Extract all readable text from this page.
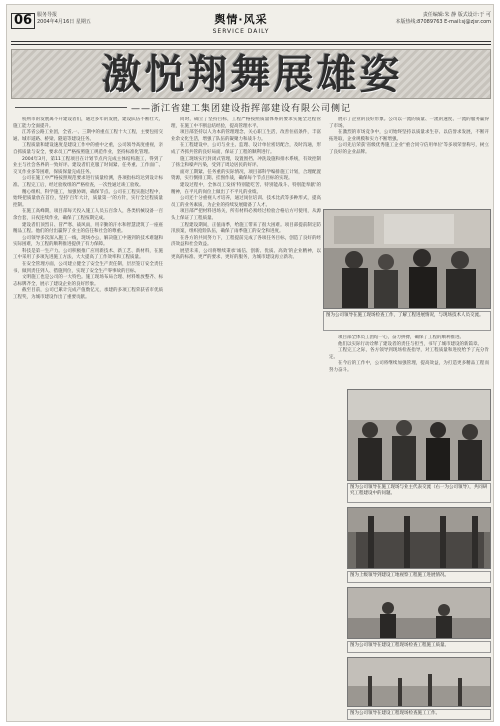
06 服务导报
2004年4月16日 星期五	舆情·风采
SERVICE DAILY
责任编辑:朱 静 版式设计:于 可
本版热线:87089763 E-mail:sj@zjsr.com
激悦翔舞展雄姿
——浙江省建工集团建设指挥部建设有限公司侧记

杭州市的发展离不开建设者们，通过多年的发展，建设队伍不断壮大，施工能力全面提升。

江苏省公路工业团，全省,一、三期中的重点工程十大工程，主要包括交通、城市道路、桥梁、隧道等建设任务。

工程质量和建设速度是建设工作中的重中之重，公司领导高度重视，亲自抓质量与安全，要求员工严格按照施工规范作业，坚持标准化管理。

2004年3月，第11工程项目在计划节点内完成主体结构施工，得到了业主与社会各界的一致好评。建设者们克服了时间紧、任务重、工作面广、交叉作业多等困难，保质保量完成任务。

公司在施工中严格按照规范要求进行质量检测，各项指标均达到设计标准。工程完工后，经过验收组的严格检查，一次性通过竣工验收。

精心组织，科学施工，加强协调，确保节点。公司在工程实施过程中，始终把质量放在首位，坚持'百年大计，质量第一'的方针，实行全过程质量控制。

在施工高峰期，项目部每天投入施工人员五百余人，各类机械设备一百余台套，日夜连续作业，确保了工程按期完成。

建设者们顶烈日、冒严寒、战风雨，用辛勤的汗水和智慧浇筑了一座座精品工程。他们的付出赢得了业主的信任和社会的尊重。

公司领导多次深入施工一线，现场办公，解决施工中遇到的技术难题和实际困难，为工程的顺利推进提供了有力保障。

科技是第一生产力。公司积极推广应用新技术、新工艺、新材料，在施工中采用了多项先进施工方法，大大提高了工作效率和工程质量。

在安全管理方面，公司建立健全了安全生产责任制，层层签订安全责任书，做到责任到人、措施到位，实现了安全生产零事故的目标。

文明施工也是公司的一大特色。施工现场布局合理、材料堆放整齐、标志标牌齐全，展示了建设企业的良好形象。

截至目前，公司已累计完成产值数亿元，承建的多项工程荣获省市优质工程奖，为城市建设作出了重要贡献。

同时，确立了坚持目标，工程严格按照质量体系的要求实施全过程管理，在施工中不断总结经验，提高管理水平。

项目部坚持以人为本的管理理念，关心职工生活，改善住宿条件，丰富业余文化生活，增强了队伍的凝聚力和战斗力。

在工程建设中，公司与业主、监理、设计单位密切配合，及时沟通，形成了齐抓共管的良好局面，保证了工程的顺利进行。

施工现场实行封闭式管理，设置围挡、冲洗设施和排水系统，有效控制了扬尘和噪声污染，受到了周边居民的好评。

面对工期紧、任务重的实际情况，项目部科学编排施工计划，合理配置资源，实行倒排工期、挂图作战，确保每个节点目标的实现。

建设过程中，全体员工发扬'特别能吃苦、特别能战斗、特别能奉献'的精神，在平凡的岗位上做出了不平凡的业绩。

公司还十分重视人才培养，通过岗位培训、技术比武等多种形式，提高员工的业务素质，为企业的持续发展储备了人才。

项目部严把材料进场关，所有材料必须经过检验合格后方可使用，从源头上保证了工程质量。

工程建设期间，正值雨季，给施工带来了很大困难。项目部提前制定防汛预案，组织抢险队伍，确保了雨季施工的安全和进度。

在各方的共同努力下，工程提前完成了各项任务目标，创造了良好的经济效益和社会效益。

展望未来，公司将继续秉承'诚信、创新、优质、高效'的企业精神，以更高的标准、更严的要求、更好的服务，为城市建设再立新功。

展示了企业的良好形象。公司以一流的质量、一流的速度、一流的服务赢得了市场。

在激烈的市场竞争中，公司始终坚持以质量求生存、以信誉求发展，不断开拓进取，企业规模和实力不断增强。

公司先后荣获'省级优秀施工企业''重合同守信用单位'等多项荣誉称号，树立了良好的企业品牌。

图为公司领导在施工现场检查工作，了解工程进展情况，与现场技术人员交流。

项目部全体员工团结一心，奋力拼搏，确保了工程的顺利推进。

他们以实际行动诠释了建设者的责任与担当，书写了城市建设的新篇章。

工程完工之际，各方领导到现场检查指导，对工程质量和进度给予了充分肯定。

在今后的工作中，公司将继续加强管理，提高效益，为打造更多精品工程而努力奋斗。

图为公司领导在施工现场与业主代表交流（右一为公司领导），共同研究工程建设中的问题。
图为上级领导到建设工地视察工程施工进展情况。
图为公司领导在建设工程现场检查工程施工质量。
图为公司领导在建设工程现场检查施工工作。
